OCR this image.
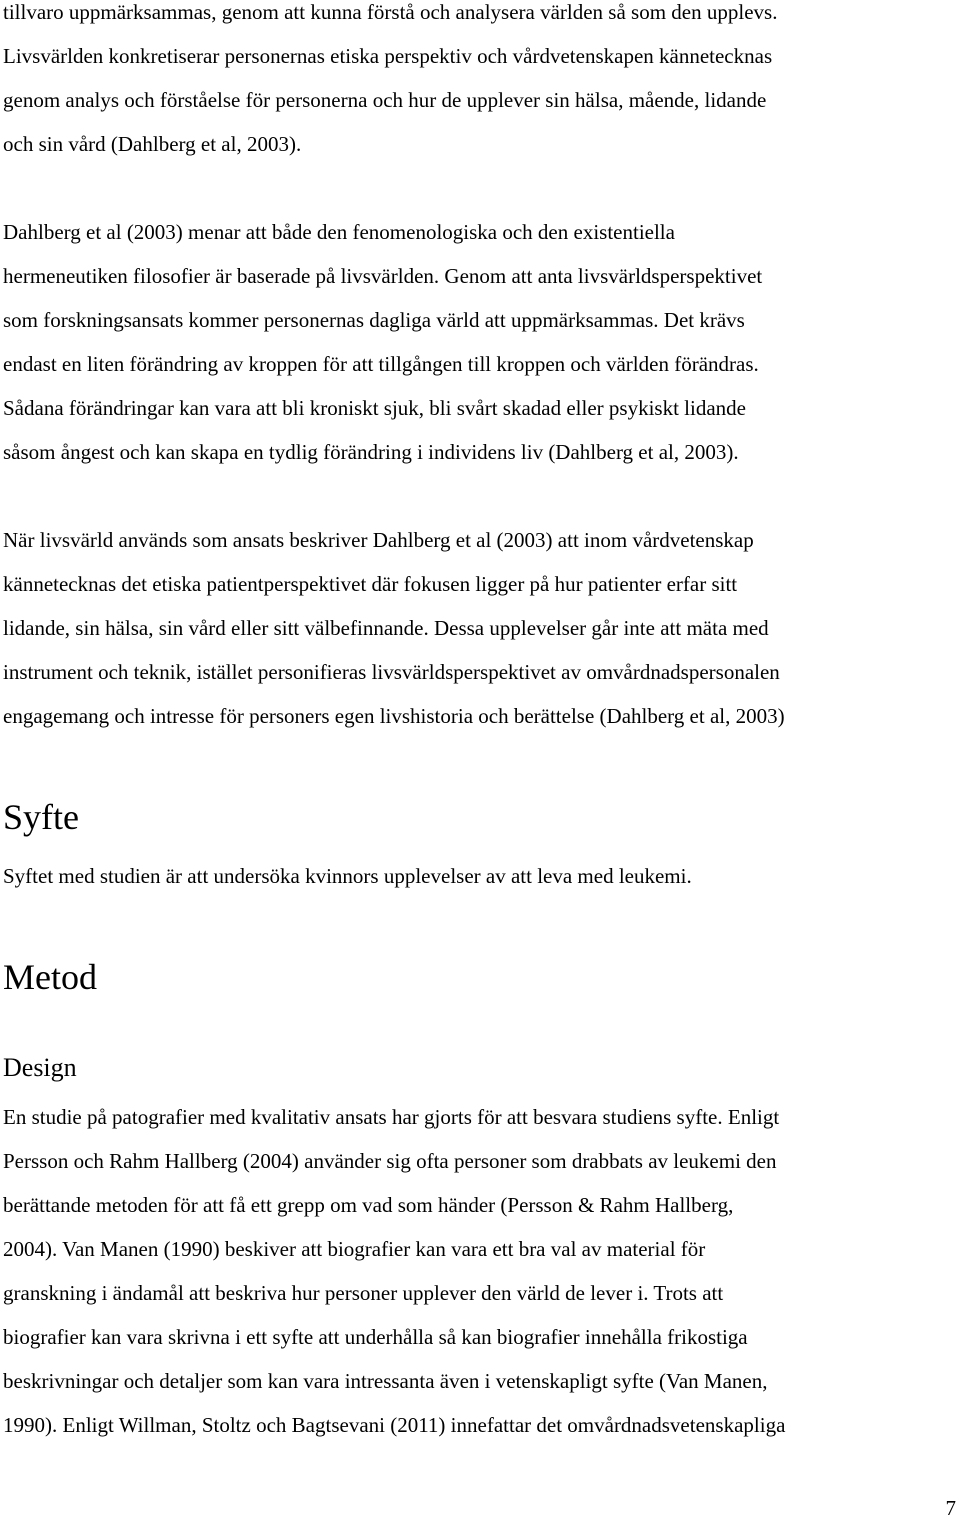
tillvaro uppmärksammas, genom att kunna förstå och analysera världen så som den upplevs.
Livsvärlden konkretiserar personernas etiska perspektiv och vårdvetenskapen kännetecknas
genom analys och förståelse för personerna och hur de upplever sin hälsa, mående, lidande
och sin vård (Dahlberg et al, 2003).
Dahlberg et al (2003) menar att både den fenomenologiska och den existentiella
hermeneutiken filosofier är baserade på livsvärlden. Genom att anta livsvärldsperspektivet
som forskningsansats kommer personernas dagliga värld att uppmärksammas. Det krävs
endast en liten förändring av kroppen för att tillgången till kroppen och världen förändras.
Sådana förändringar kan vara att bli kroniskt sjuk, bli svårt skadad eller psykiskt lidande
såsom ångest och kan skapa en tydlig förändring i individens liv (Dahlberg et al, 2003).
När livsvärld används som ansats beskriver Dahlberg et al (2003) att inom vårdvetenskap
kännetecknas det etiska patientperspektivet där fokusen ligger på hur patienter erfar sitt
lidande, sin hälsa, sin vård eller sitt välbefinnande. Dessa upplevelser går inte att mäta med
instrument och teknik, istället personifieras livsvärldsperspektivet av omvårdnadspersonalen
engagemang och intresse för personers egen livshistoria och berättelse (Dahlberg et al, 2003)
Syfte
Syftet med studien är att undersöka kvinnors upplevelser av att leva med leukemi.
Metod
Design
En studie på patografier med kvalitativ ansats har gjorts för att besvara studiens syfte. Enligt
Persson och Rahm Hallberg (2004) använder sig ofta personer som drabbats av leukemi den
berättande metoden för att få ett grepp om vad som händer (Persson & Rahm Hallberg,
2004). Van Manen (1990) beskiver att biografier kan vara ett bra val av material för
granskning i ändamål att beskriva hur personer upplever den värld de lever i. Trots att
biografier kan vara skrivna i ett syfte att underhålla så kan biografier innehålla frikostiga
beskrivningar och detaljer som kan vara intressanta även i vetenskapligt syfte (Van Manen,
1990). Enligt Willman, Stoltz och Bagtsevani (2011) innefattar det omvårdnadsvetenskapliga
7
